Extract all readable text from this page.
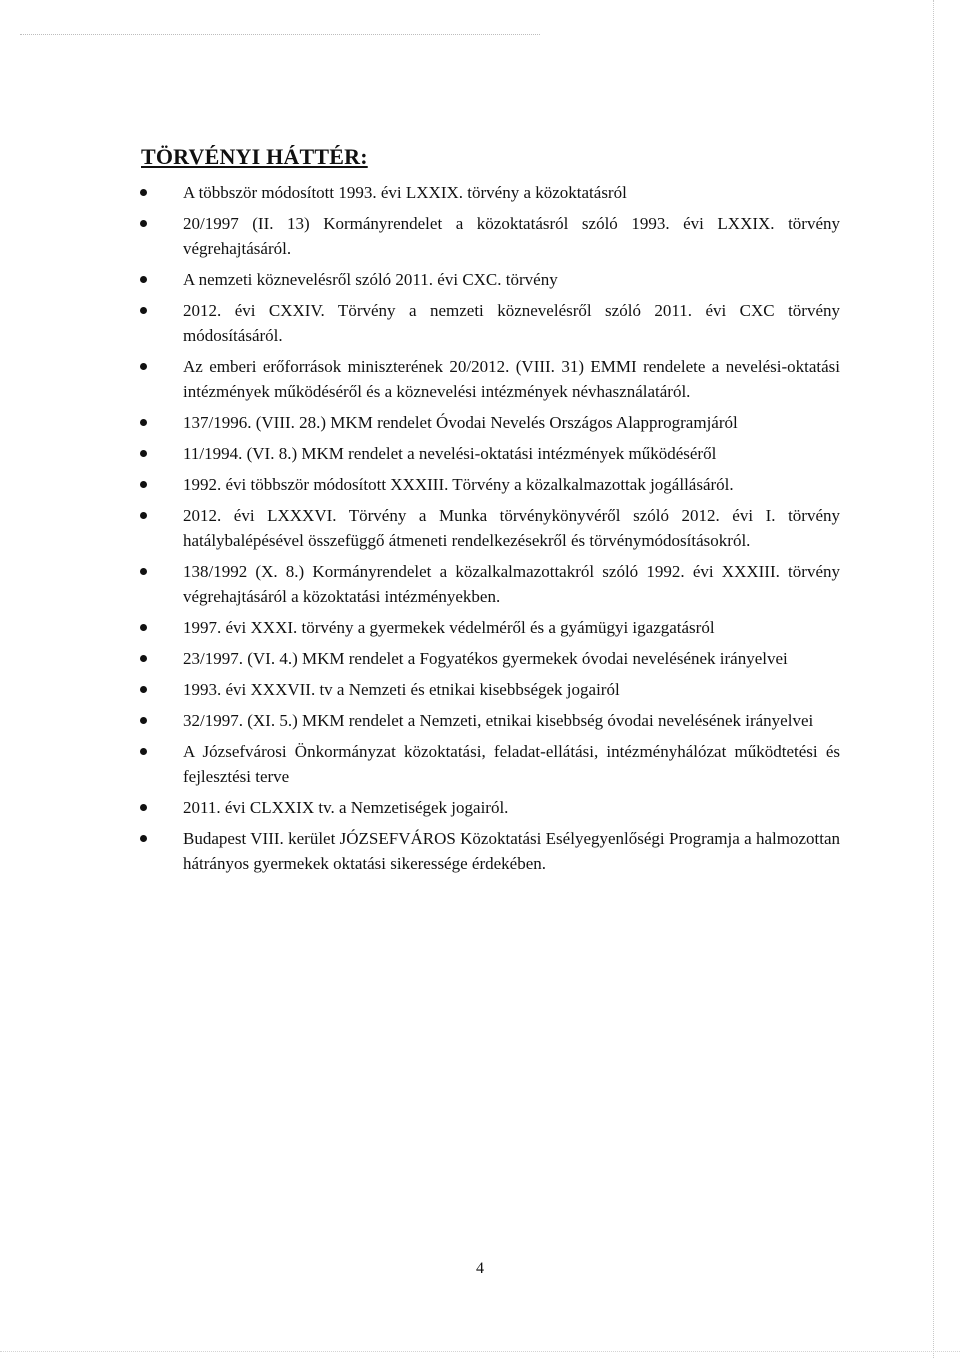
TÖRVÉNYI HÁTTÉR:
A többször módosított 1993. évi LXXIX. törvény a közoktatásról
20/1997 (II. 13) Kormányrendelet a közoktatásról szóló 1993. évi LXXIX. törvény végrehajtásáról.
A nemzeti köznevelésről szóló 2011. évi CXC. törvény
2012. évi CXXIV. Törvény a nemzeti köznevelésről szóló 2011. évi CXC törvény módosításáról.
Az emberi erőforrások miniszterének 20/2012. (VIII. 31) EMMI rendelete a nevelési-oktatási intézmények működéséről és a köznevelési intézmények névhasználatáról.
137/1996. (VIII. 28.) MKM rendelet Óvodai Nevelés Országos Alapprogramjáról
11/1994. (VI. 8.) MKM rendelet a nevelési-oktatási intézmények működéséről
1992. évi többször módosított XXXIII. Törvény a közalkalmazottak jogállásáról.
2012. évi LXXXVI. Törvény a Munka törvénykönyvéről szóló 2012. évi I. törvény hatálybalépésével összefüggő átmeneti rendelkezésekről és törvénymódosításokról.
138/1992 (X. 8.) Kormányrendelet a közalkalmazottakról szóló 1992. évi XXXIII. törvény végrehajtásáról a közoktatási intézményekben.
1997. évi XXXI. törvény a gyermekek védelméről és a gyámügyi igazgatásról
23/1997. (VI. 4.) MKM rendelet a Fogyatékos gyermekek óvodai nevelésének irányelvei
1993. évi XXXVII. tv a Nemzeti és etnikai kisebbségek jogairól
32/1997. (XI. 5.) MKM rendelet a Nemzeti, etnikai kisebbség óvodai nevelésének irányelvei
A Józsefvárosi Önkormányzat közoktatási, feladat-ellátási, intézményhálózat működtetési és fejlesztési terve
2011. évi CLXXIX tv. a Nemzetiségek jogairól.
Budapest VIII. kerület JÓZSEFVÁROS Közoktatási Esélyegyenlőségi Programja a halmozottan hátrányos gyermekek oktatási sikeressége érdekében.
4
